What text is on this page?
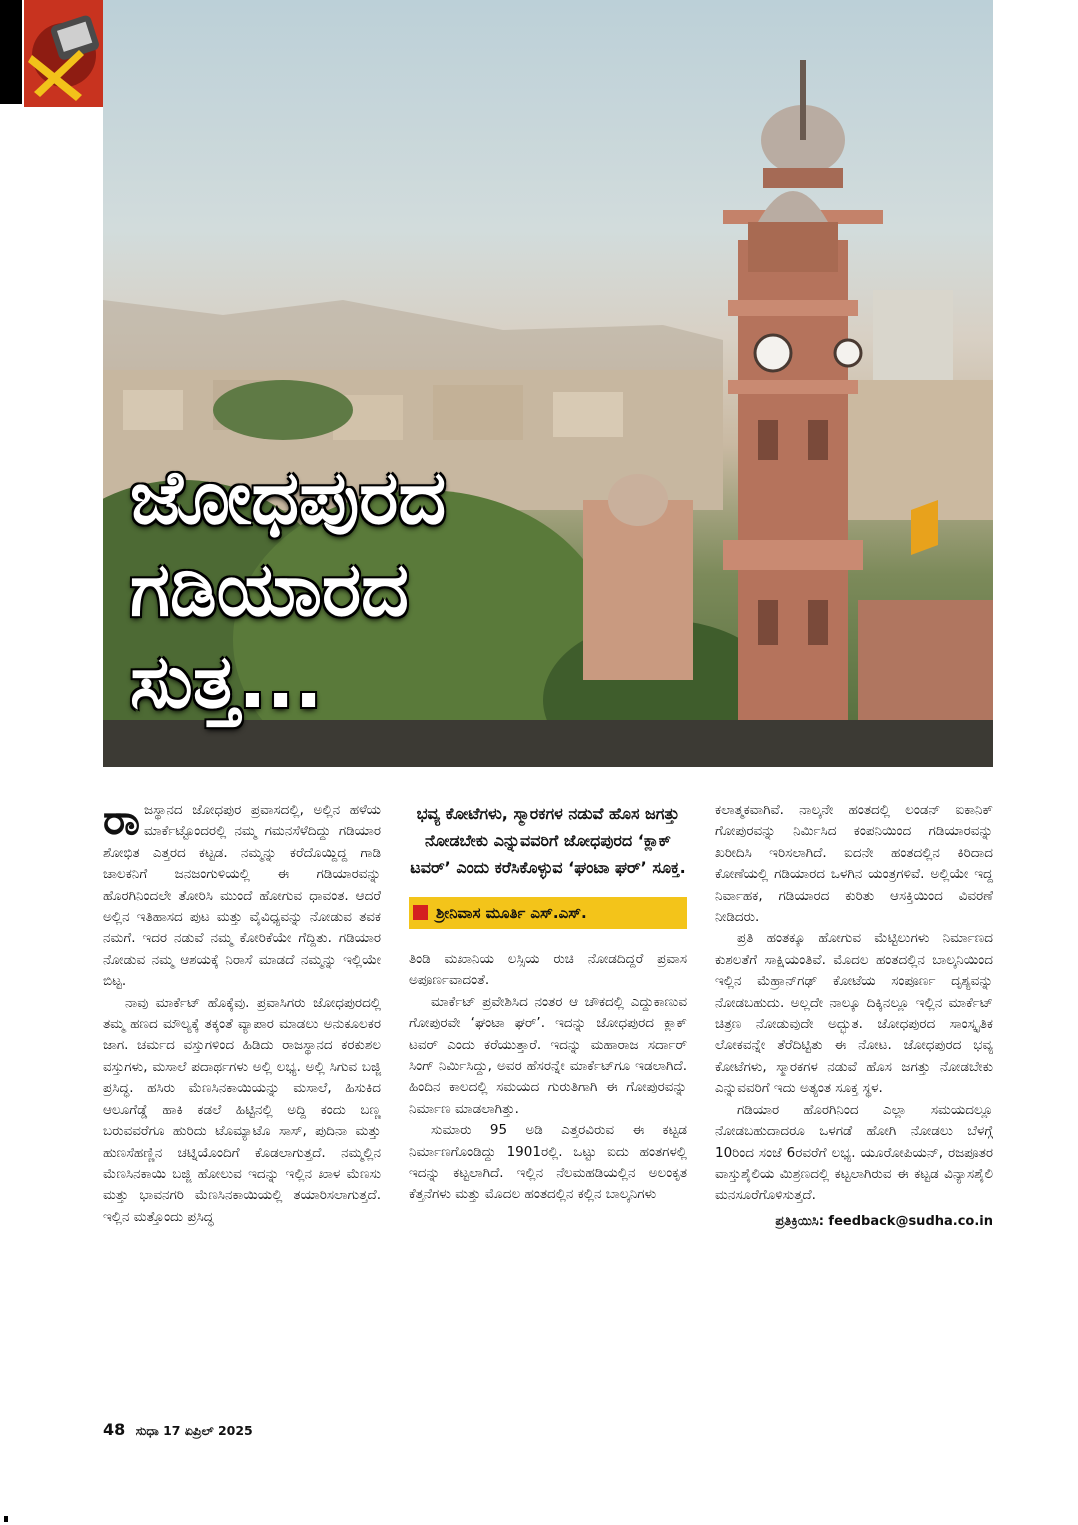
ಜೋಧಪುರದ
ಗಡಿಯಾರದ
ಸುತ್ತ...

ರಾಜಸ್ಥಾನದ ಜೋಧಪುರ ಪ್ರವಾಸದಲ್ಲಿ, ಅಲ್ಲಿನ ಹಳೆಯ ಮಾರ್ಕೆಟ್ಟೊಂದರಲ್ಲಿ ನಮ್ಮ ಗಮನಸೆಳೆದಿದ್ದು ಗಡಿಯಾರ ಶೋಭಿತ ಎತ್ತರದ ಕಟ್ಟಡ. ನಮ್ಮನ್ನು ಕರೆದೊಯ್ದಿದ್ದ ಗಾಡಿ ಚಾಲಕನಿಗೆ ಜನಜಂಗುಳಿಯಲ್ಲಿ ಈ ಗಡಿಯಾರವನ್ನು ಹೊರಗಿನಿಂದಲೇ ತೋರಿಸಿ ಮುಂದೆ ಹೋಗುವ ಧಾವಂತ. ಆದರೆ ಅಲ್ಲಿನ ಇತಿಹಾಸದ ಪುಟ ಮತ್ತು ವೈವಿಧ್ಯವನ್ನು ನೋಡುವ ತವಕ ನಮಗೆ. ಇದರ ನಡುವೆ ನಮ್ಮ ಕೋರಿಕೆಯೇ ಗೆದ್ದಿತು. ಗಡಿಯಾರ ನೋಡುವ ನಮ್ಮ ಆಶಯಕ್ಕೆ ನಿರಾಸೆ ಮಾಡದೆ ನಮ್ಮನ್ನು ಇಲ್ಲಿಯೇ ಬಿಟ್ಟ.

ನಾವು ಮಾರ್ಕೆಟ್ ಹೊಕ್ಕೆವು. ಪ್ರವಾಸಿಗರು ಜೋಧಪುರದಲ್ಲಿ ತಮ್ಮ ಹಣದ ಮೌಲ್ಯಕ್ಕೆ ತಕ್ಕಂತೆ ವ್ಯಾಪಾರ ಮಾಡಲು ಅನುಕೂಲಕರ ಜಾಗ. ಚರ್ಮದ ವಸ್ತುಗಳಿಂದ ಹಿಡಿದು ರಾಜಸ್ಥಾನದ ಕರಕುಶಲ ವಸ್ತುಗಳು, ಮಸಾಲೆ ಪದಾರ್ಥಗಳು ಅಲ್ಲಿ ಲಭ್ಯ. ಅಲ್ಲಿ ಸಿಗುವ ಬಜ್ಜಿ ಪ್ರಸಿದ್ಧ. ಹಸಿರು ಮೆಣಸಿನಕಾಯಿಯನ್ನು ಮಸಾಲೆ, ಹಿಸುಕಿದ ಆಲೂಗೆಡ್ಡೆ ಹಾಕಿ ಕಡಲೆ ಹಿಟ್ಟಿನಲ್ಲಿ ಅದ್ದಿ ಕಂದು ಬಣ್ಣ ಬರುವವರೆಗೂ ಹುರಿದು ಟೊಮ್ಯಾಟೊ ಸಾಸ್, ಪುದಿನಾ ಮತ್ತು ಹುಣಸೆಹಣ್ಣಿನ ಚಟ್ನಿಯೊಂದಿಗೆ ಕೊಡಲಾಗುತ್ತದೆ. ನಮ್ಮಲ್ಲಿನ ಮೆಣಸಿನಕಾಯಿ ಬಜ್ಜಿ ಹೋಲುವ ಇದನ್ನು ಇಲ್ಲಿನ ಖಾಳ ಮೆಣಸು ಮತ್ತು ಭಾವನಗರಿ ಮೆಣಸಿನಕಾಯಿಯಲ್ಲಿ ತಯಾರಿಸಲಾಗುತ್ತದೆ. ಇಲ್ಲಿನ ಮತ್ತೊಂದು ಪ್ರಸಿದ್ಧ

ಭವ್ಯ ಕೋಟೆಗಳು, ಸ್ಮಾರಕಗಳ ನಡುವೆ ಹೊಸ ಜಗತ್ತು ನೋಡಬೇಕು ಎನ್ನುವವರಿಗೆ ಜೋಧಪುರದ ‘ಕ್ಲಾಕ್ ಟವರ್’ ಎಂದು ಕರೆಸಿಕೊಳ್ಳುವ ‘ಘಂಟಾ ಘರ್’ ಸೂಕ್ತ.
ಶ್ರೀನಿವಾಸ ಮೂರ್ತಿ ಎಸ್.ಎಸ್.

ತಿಂಡಿ ಮಖಾನಿಯ ಲಸ್ಸಿಯ ರುಚಿ ನೋಡದಿದ್ದರೆ ಪ್ರವಾಸ ಅಪೂರ್ಣವಾದಂತೆ.

ಮಾರ್ಕೆಟ್ ಪ್ರವೇಶಿಸಿದ ನಂತರ ಆ ಚೌಕದಲ್ಲಿ ಎದ್ದುಕಾಣುವ ಗೋಪುರವೇ ‘ಘಂಟಾ ಘರ್’. ಇದನ್ನು ಜೋಧಪುರದ ಕ್ಲಾಕ್ ಟವರ್ ಎಂದು ಕರೆಯುತ್ತಾರೆ. ಇದನ್ನು ಮಹಾರಾಜ ಸರ್ದಾರ್ ಸಿಂಗ್ ನಿರ್ಮಿಸಿದ್ದು, ಅವರ ಹೆಸರನ್ನೇ ಮಾರ್ಕೆಟ್‌ಗೂ ಇಡಲಾಗಿದೆ. ಹಿಂದಿನ ಕಾಲದಲ್ಲಿ ಸಮಯದ ಗುರುತಿಗಾಗಿ ಈ ಗೋಪುರವನ್ನು ನಿರ್ಮಾಣ ಮಾಡಲಾಗಿತ್ತು.

ಸುಮಾರು 95 ಅಡಿ ಎತ್ತರವಿರುವ ಈ ಕಟ್ಟಡ ನಿರ್ಮಾಣಗೊಂಡಿದ್ದು 1901ರಲ್ಲಿ. ಒಟ್ಟು ಐದು ಹಂತಗಳಲ್ಲಿ ಇದನ್ನು ಕಟ್ಟಲಾಗಿದೆ. ಇಲ್ಲಿನ ನೆಲಮಹಡಿಯಲ್ಲಿನ ಅಲಂಕೃತ ಕೆತ್ತನೆಗಳು ಮತ್ತು ಮೊದಲ ಹಂತದಲ್ಲಿನ ಕಲ್ಲಿನ ಬಾಲ್ಕನಿಗಳು

ಕಲಾತ್ಮಕವಾಗಿವೆ. ನಾಲ್ಕನೇ ಹಂತದಲ್ಲಿ ಲಂಡನ್ ಐಕಾನಿಕ್ ಗೋಪುರವನ್ನು ನಿರ್ಮಿಸಿದ ಕಂಪನಿಯಿಂದ ಗಡಿಯಾರವನ್ನು ಖರೀದಿಸಿ ಇರಿಸಲಾಗಿದೆ. ಐದನೇ ಹಂತದಲ್ಲಿನ ಕಿರಿದಾದ ಕೋಣೆಯಲ್ಲಿ ಗಡಿಯಾರದ ಒಳಗಿನ ಯಂತ್ರಗಳಿವೆ. ಅಲ್ಲಿಯೇ ಇದ್ದ ನಿರ್ವಾಹಕ, ಗಡಿಯಾರದ ಕುರಿತು ಆಸಕ್ತಿಯಿಂದ ವಿವರಣೆ ನೀಡಿದರು.

ಪ್ರತಿ ಹಂತಕ್ಕೂ ಹೋಗುವ ಮೆಟ್ಟಿಲುಗಳು ನಿರ್ಮಾಣದ ಕುಶಲತೆಗೆ ಸಾಕ್ಷಿಯಂತಿವೆ. ಮೊದಲ ಹಂತದಲ್ಲಿನ ಬಾಲ್ಕನಿಯಿಂದ ಇಲ್ಲಿನ ಮೆಹ್ರಾನ್‌ಗಢ್ ಕೋಟೆಯ ಸಂಪೂರ್ಣ ದೃಶ್ಯವನ್ನು ನೋಡಬಹುದು. ಅಲ್ಲದೇ ನಾಲ್ಕೂ ದಿಕ್ಕಿನಲ್ಲೂ ಇಲ್ಲಿನ ಮಾರ್ಕೆಟ್ ಚಿತ್ರಣ ನೋಡುವುದೇ ಅದ್ಭುತ. ಜೋಧಪುರದ ಸಾಂಸ್ಕೃತಿಕ ಲೋಕವನ್ನೇ ತೆರೆದಿಟ್ಟಿತು ಈ ನೋಟ. ಜೋಧಪುರದ ಭವ್ಯ ಕೋಟೆಗಳು, ಸ್ಮಾರಕಗಳ ನಡುವೆ ಹೊಸ ಜಗತ್ತು ನೋಡಬೇಕು ಎನ್ನುವವರಿಗೆ ಇದು ಅತ್ಯಂತ ಸೂಕ್ತ ಸ್ಥಳ.

ಗಡಿಯಾರ ಹೊರಗಿನಿಂದ ಎಲ್ಲಾ ಸಮಯದಲ್ಲೂ ನೋಡಬಹುದಾದರೂ ಒಳಗಡೆ ಹೋಗಿ ನೋಡಲು ಬೆಳಗ್ಗೆ 10ರಿಂದ ಸಂಜೆ 6ರವರೆಗೆ ಲಭ್ಯ. ಯೂರೋಪಿಯನ್, ರಜಪೂತರ ವಾಸ್ತುಶೈಲಿಯ ಮಿಶ್ರಣದಲ್ಲಿ ಕಟ್ಟಲಾಗಿರುವ ಈ ಕಟ್ಟಡ ವಿನ್ಯಾಸಶೈಲಿ ಮನಸೂರೆಗೊಳಿಸುತ್ತದೆ.

ಪ್ರತಿಕ್ರಿಯಿಸಿ: feedback@sudha.co.in
48 ಸುಧಾ 17 ಏಪ್ರಿಲ್ 2025
